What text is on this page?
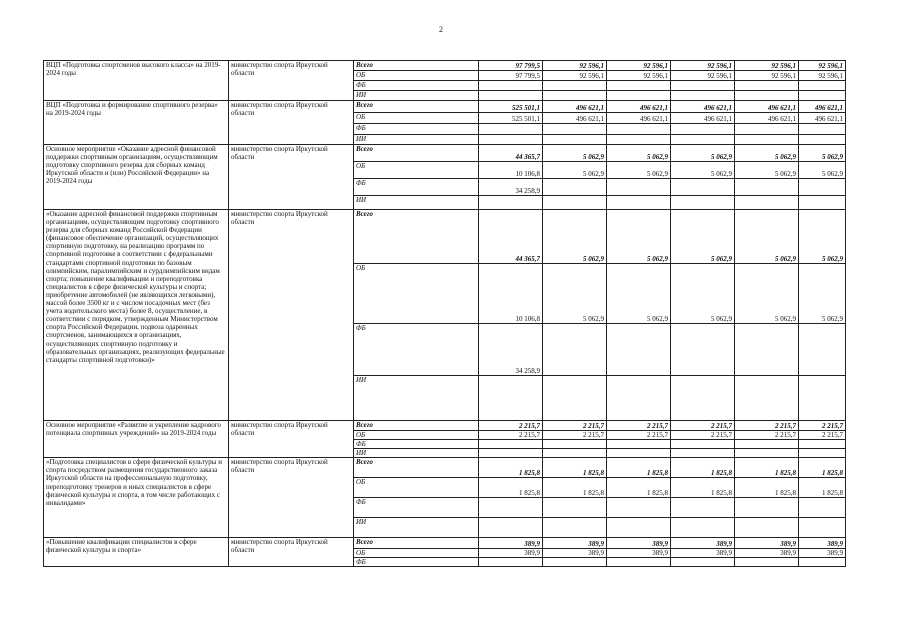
2
ВЦП «Подготовка спортсменов высокого класса» на 2019-2024 годы	министерство спорта Иркутской области	Всего	97 799,5	92 596,1	92 596,1	92 596,1	92 596,1	92 596,1
		ОБ	97 799,5	92 596,1	92 596,1	92 596,1	92 596,1	92 596,1
		ФБ						
		ИИ						
ВЦП «Подготовка и формирование спортивного резерва» на 2019-2024 годы	министерство спорта Иркутской области	Всего	525 501,1	496 621,1	496 621,1	496 621,1	496 621,1	496 621,1
		ОБ	525 501,1	496 621,1	496 621,1	496 621,1	496 621,1	496 621,1
		ФБ						
		ИИ						
Основное мероприятие «Оказание адресной финансовой поддержки спортивным организациям, осуществляющим подготовку спортивного резерва для сборных команд Иркутской области и (или) Российской Федерации» на 2019-2024 годы	министерство спорта Иркутской области	Всего	44 365,7	5 062,9	5 062,9	5 062,9	5 062,9	5 062,9
		ОБ	10 106,8	5 062,9	5 062,9	5 062,9	5 062,9	5 062,9
		ФБ	34 258,9					
		ИИ						
«Оказание адресной финансовой поддержки спортивным организациям, осуществляющим подготовку спортивного резерва для сборных команд Российской Федерации (финансовое обеспечение организаций, осуществляющих спортивную подготовку, на реализацию программ по спортивной подготовке в соответствии с федеральными стандартами спортивной подготовки по базовым олимпийским, паралимпийским и сурдлимпийским видам спорта; повышение квалификации и переподготовка специалистов в сфере физической культуры и спорта; приобретение автомобилей (не являющихся легковыми), массой более 3500 кг и с числом посадочных мест (без учета водительского места) более 8, осуществление, в соответствии с порядком, утвержденным Министерством спорта Российской Федерации, подвоза одаренных спортсменов, занимающихся в организациях, осуществляющих спортивную подготовку и образовательных организациях, реализующих федеральные стандарты спортивной подготовки)»	министерство спорта Иркутской области	Всего	44 365,7	5 062,9	5 062,9	5 062,9	5 062,9	5 062,9
		ОБ	10 106,8	5 062,9	5 062,9	5 062,9	5 062,9	5 062,9
		ФБ	34 258,9					
		ИИ						
Основное мероприятие «Развитие и укрепление кадрового потенциала спортивных учреждений» на 2019-2024 годы	министерство спорта Иркутской области	Всего	2 215,7	2 215,7	2 215,7	2 215,7	2 215,7	2 215,7
		ОБ	2 215,7	2 215,7	2 215,7	2 215,7	2 215,7	2 215,7
		ФБ						
		ИИ						
«Подготовка специалистов в сфере физической культуры и спорта посредством размещения государственного заказа Иркутской области на профессиональную подготовку, переподготовку тренеров и иных специалистов в сфере физической культуры и спорта, в том числе работающих с инвалидами»	министерство спорта Иркутской области	Всего	1 825,8	1 825,8	1 825,8	1 825,8	1 825,8	1 825,8
		ОБ	1 825,8	1 825,8	1 825,8	1 825,8	1 825,8	1 825,8
		ФБ						
		ИИ						
«Повышение квалификации специалистов в сфере физической культуры и спорта»	министерство спорта Иркутской области	Всего	389,9	389,9	389,9	389,9	389,9	389,9
		ОБ	389,9	389,9	389,9	389,9	389,9	389,9
		ФБ						
